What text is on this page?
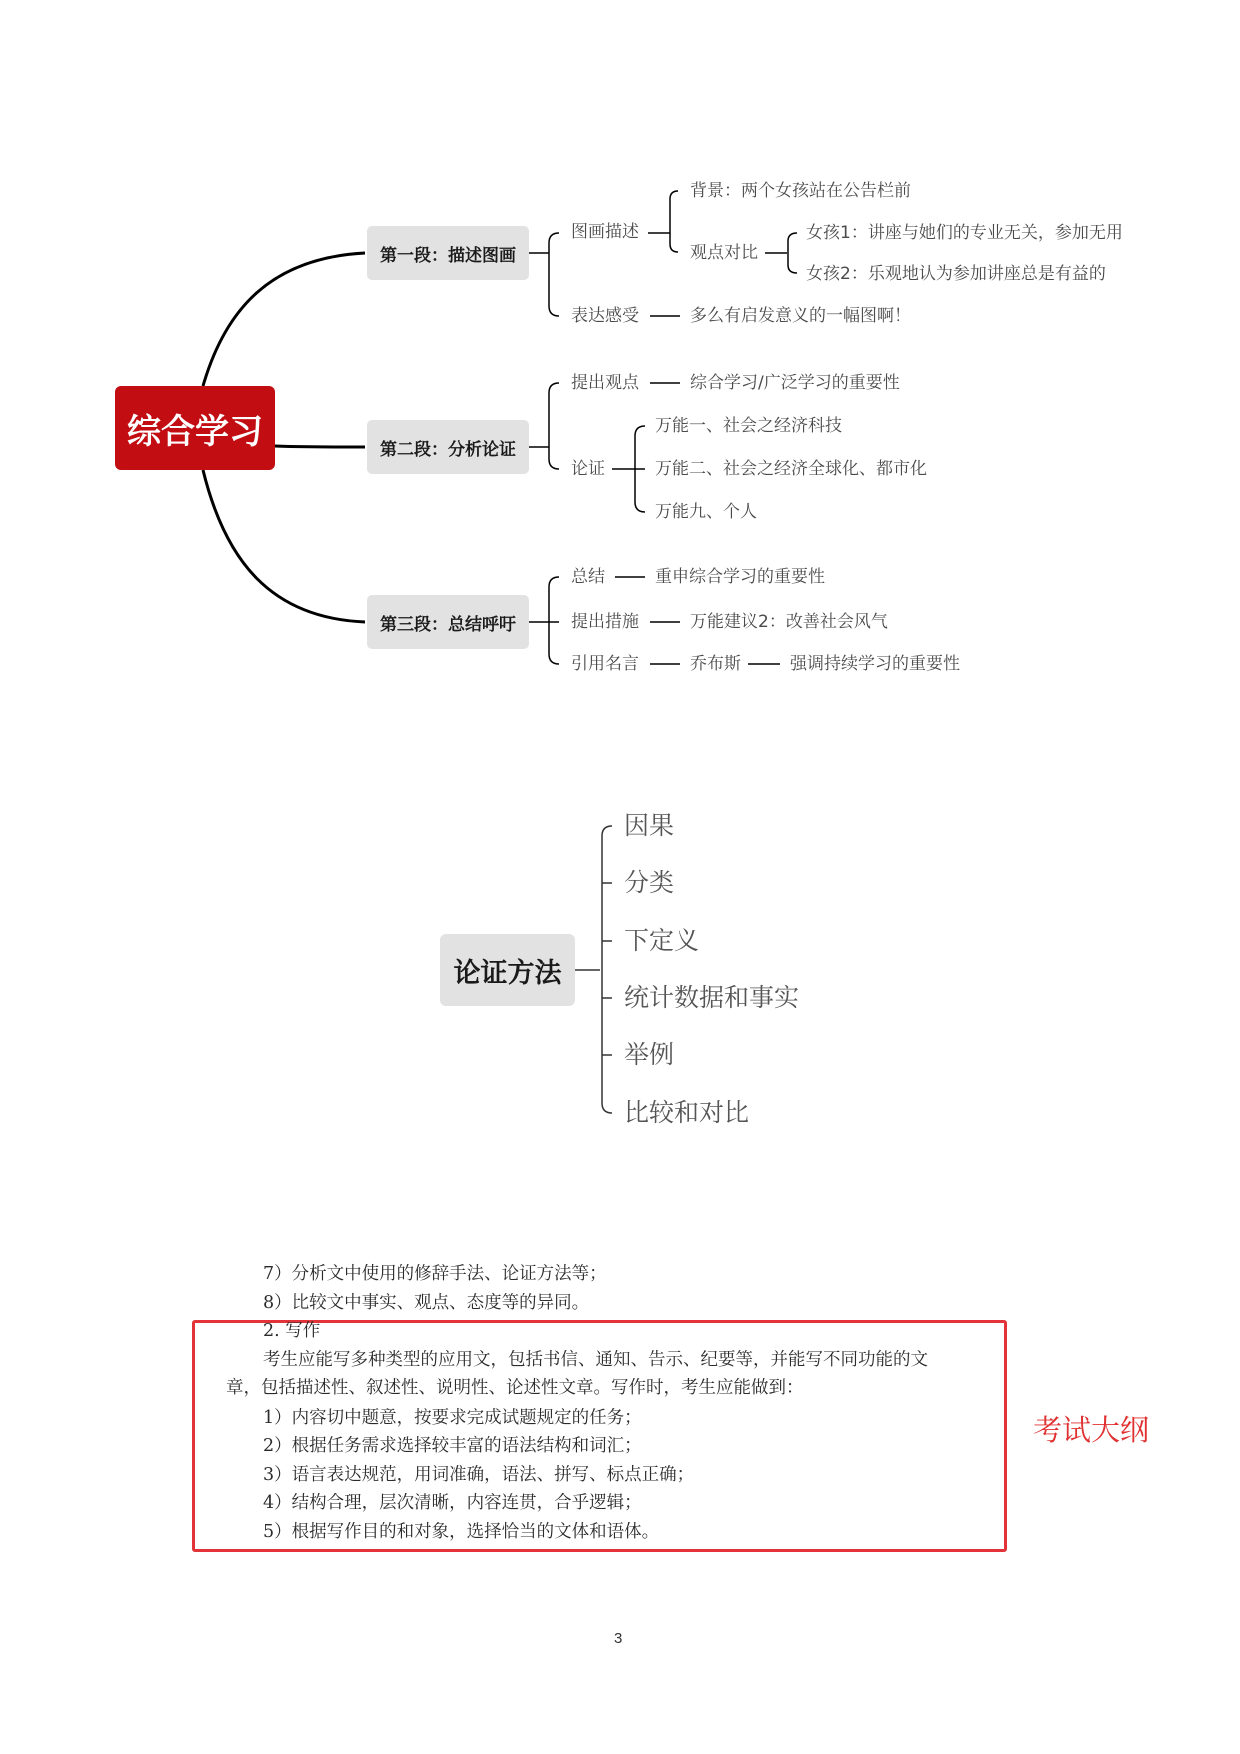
综合学习
第一段：描述图画
第二段：分析论证
第三段：总结呼吁
图画描述
背景：两个女孩站在公告栏前
观点对比
女孩1：讲座与她们的专业无关，参加无用
女孩2：乐观地认为参加讲座总是有益的
表达感受	多么有启发意义的一幅图啊！
提出观点	综合学习/广泛学习的重要性
论证
万能一、社会之经济科技
万能二、社会之经济全球化、都市化
万能九、个人
总结	重申综合学习的重要性
提出措施	万能建议2：改善社会风气
引用名言	乔布斯	强调持续学习的重要性
论证方法
因果
分类
下定义
统计数据和事实
举例
比较和对比
7）分析文中使用的修辞手法、论证方法等；
8）比较文中事实、观点、态度等的异同。
2. 写作
考生应能写多种类型的应用文，包括书信、通知、告示、纪要等，并能写不同功能的文
章，包括描述性、叙述性、说明性、论述性文章。写作时，考生应能做到：
1）内容切中题意，按要求完成试题规定的任务；
2）根据任务需求选择较丰富的语法结构和词汇；
3）语言表达规范，用词准确，语法、拼写、标点正确；
4）结构合理，层次清晰，内容连贯，合乎逻辑；
5）根据写作目的和对象，选择恰当的文体和语体。
考试大纲
3
